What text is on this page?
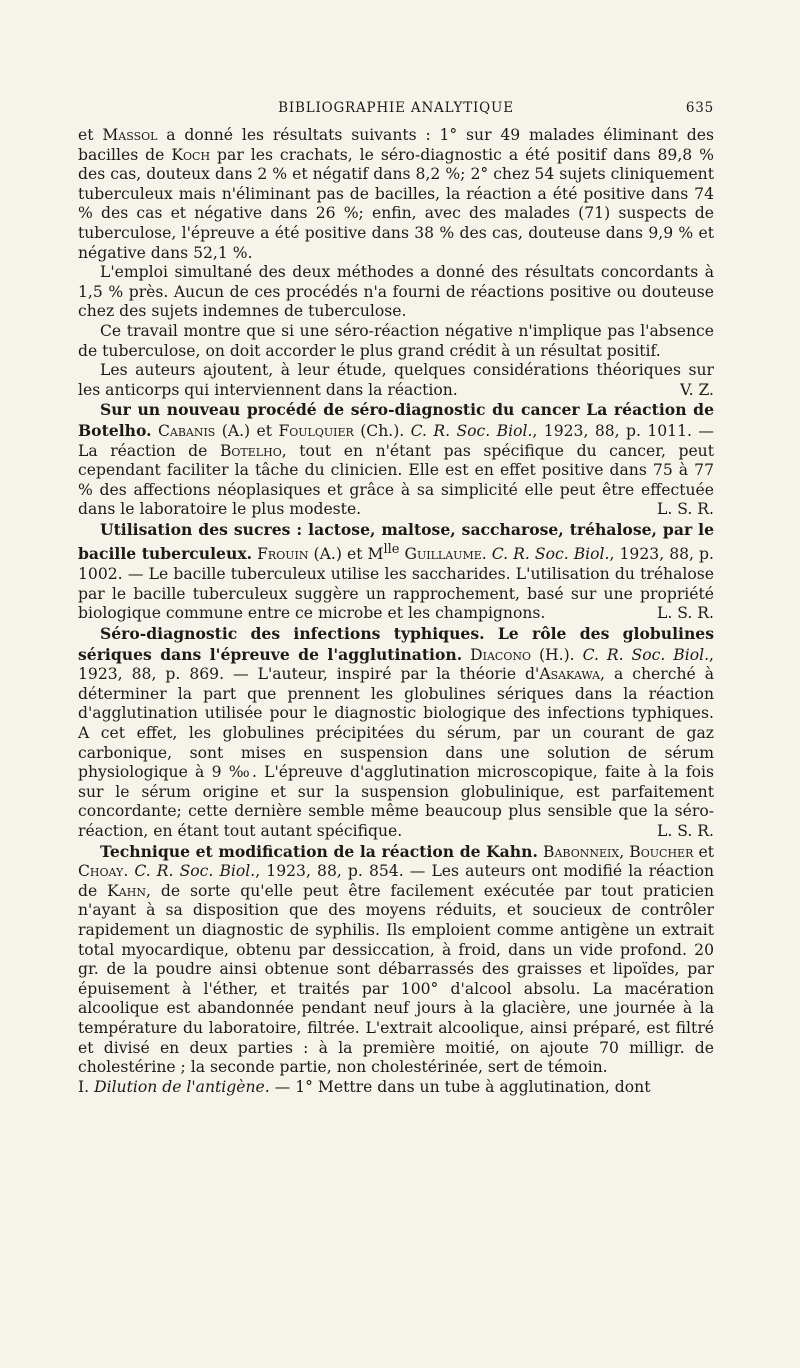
BIBLIOGRAPHIE ANALYTIQUE	635

et Massol a donné les résultats suivants : 1° sur 49 malades éliminant des bacilles de Koch par les crachats, le séro-diagnostic a été positif dans 89,8 % des cas, douteux dans 2 % et négatif dans 8,2 %; 2° chez 54 sujets cliniquement tuberculeux mais n'éliminant pas de bacilles, la réaction a été positive dans 74 % des cas et négative dans 26 %; enfin, avec des malades (71) suspects de tuberculose, l'épreuve a été positive dans 38 % des cas, douteuse dans 9,9 % et négative dans 52,1 %.

L'emploi simultané des deux méthodes a donné des résultats concordants à 1,5 % près. Aucun de ces procédés n'a fourni de réactions positive ou douteuse chez des sujets indemnes de tuberculose.

Ce travail montre que si une séro-réaction négative n'implique pas l'absence de tuberculose, on doit accorder le plus grand crédit à un résultat positif.

Les auteurs ajoutent, à leur étude, quelques considérations théoriques sur les anticorps qui interviennent dans la réaction.	V. Z.

Sur un nouveau procédé de séro-diagnostic du cancer La réaction de Botelho. Cabanis (A.) et Foulquier (Ch.). C. R. Soc. Biol., 1923, 88, p. 1011. — La réaction de Botelho, tout en n'étant pas spécifique du cancer, peut cependant faciliter la tâche du clinicien. Elle est en effet positive dans 75 à 77 % des affections néoplasiques et grâce à sa simplicité elle peut être effectuée dans le laboratoire le plus modeste.	L. S. R.

Utilisation des sucres : lactose, maltose, saccharose, tréhalose, par le bacille tuberculeux. Frouin (A.) et $M^{lle}$ Guillaume. C. R. Soc. Biol., 1923, 88, p. 1002. — Le bacille tuberculeux utilise les saccharides. L'utilisation du tréhalose par le bacille tuberculeux suggère un rapprochement, basé sur une propriété biologique commune entre ce microbe et les champignons.	L. S. R.

Séro-diagnostic des infections typhiques. Le rôle des globulines sériques dans l'épreuve de l'agglutination. Diacono (H.). C. R. Soc. Biol., 1923, 88, p. 869. — L'auteur, inspiré par la théorie d'Asakawa, a cherché à déterminer la part que prennent les globulines sériques dans la réaction d'agglutination utilisée pour le diagnostic biologique des infections typhiques. A cet effet, les globulines précipitées du sérum, par un courant de gaz carbonique, sont mises en suspension dans une solution de sérum physiologique à 9 ‰. L'épreuve d'agglutination microscopique, faite à la fois sur le sérum origine et sur la suspension globulinique, est parfaitement concordante; cette dernière semble même beaucoup plus sensible que la séro-réaction, en étant tout autant spécifique.	L. S. R.

Technique et modification de la réaction de Kahn. Babonneix, Boucher et Choay. C. R. Soc. Biol., 1923, 88, p. 854. — Les auteurs ont modifié la réaction de Kahn, de sorte qu'elle peut être facilement exécutée par tout praticien n'ayant à sa disposition que des moyens réduits, et soucieux de contrôler rapidement un diagnostic de syphilis. Ils emploient comme antigène un extrait total myocardique, obtenu par dessiccation, à froid, dans un vide profond. 20 gr. de la poudre ainsi obtenue sont débarrassés des graisses et lipoïdes, par épuisement à l'éther, et traités par 100° d'alcool absolu. La macération alcoolique est abandonnée pendant neuf jours à la glacière, une journée à la température du laboratoire, filtrée. L'extrait alcoolique, ainsi préparé, est filtré et divisé en deux parties : à la première moitié, on ajoute 70 milligr. de cholestérine ; la seconde partie, non cholestérinée, sert de témoin.

I. Dilution de l'antigène. — 1° Mettre dans un tube à agglutination, dont
